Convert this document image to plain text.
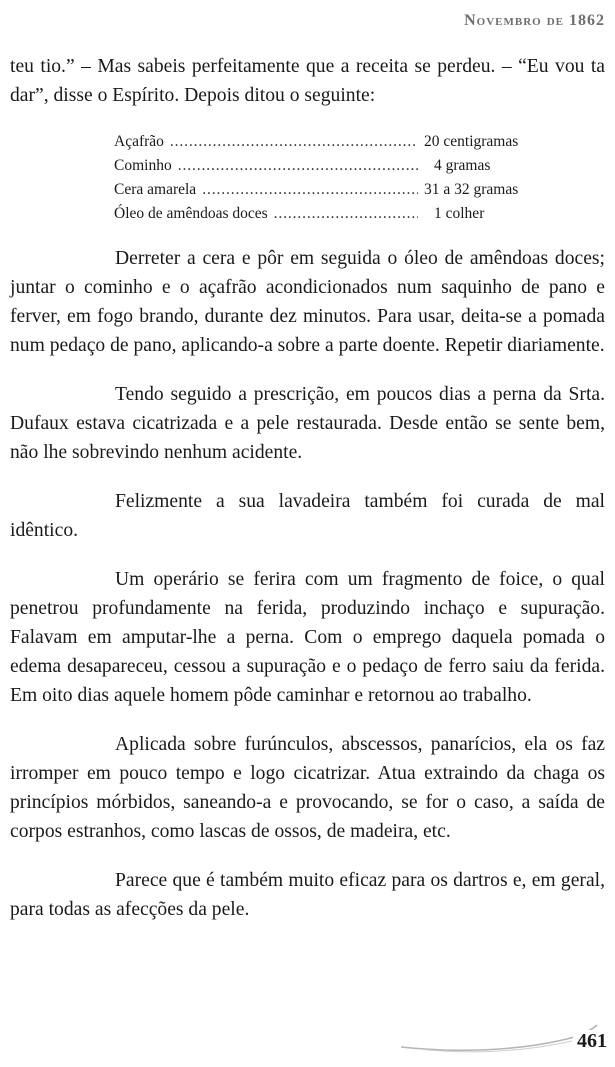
Novembro de 1862

teu tio.” – Mas sabeis perfeitamente que a receita se perdeu. – “Eu vou ta dar”, disse o Espírito. Depois ditou o seguinte:

Açafrão . . .	20 centigramas
Cominho . . .	4 gramas
Cera amarela . . .	31 a 32 gramas
Óleo de amêndoas doces . . .	1 colher

Derreter a cera e pôr em seguida o óleo de amêndoas doces; juntar o cominho e o açafrão acondicionados num saquinho de pano e ferver, em fogo brando, durante dez minutos. Para usar, deita-se a pomada num pedaço de pano, aplicando-a sobre a parte doente. Repetir diariamente.

Tendo seguido a prescrição, em poucos dias a perna da Srta. Dufaux estava cicatrizada e a pele restaurada. Desde então se sente bem, não lhe sobrevindo nenhum acidente.

Felizmente a sua lavadeira também foi curada de mal idêntico.

Um operário se ferira com um fragmento de foice, o qual penetrou profundamente na ferida, produzindo inchaço e supuração. Falavam em amputar-lhe a perna. Com o emprego daquela pomada o edema desapareceu, cessou a supuração e o pedaço de ferro saiu da ferida. Em oito dias aquele homem pôde caminhar e retornou ao trabalho.

Aplicada sobre furúnculos, abscessos, panarícios, ela os faz irromper em pouco tempo e logo cicatrizar. Atua extraindo da chaga os princípios mórbidos, saneando-a e provocando, se for o caso, a saída de corpos estranhos, como lascas de ossos, de madeira, etc.

Parece que é também muito eficaz para os dartros e, em geral, para todas as afecções da pele.

461
